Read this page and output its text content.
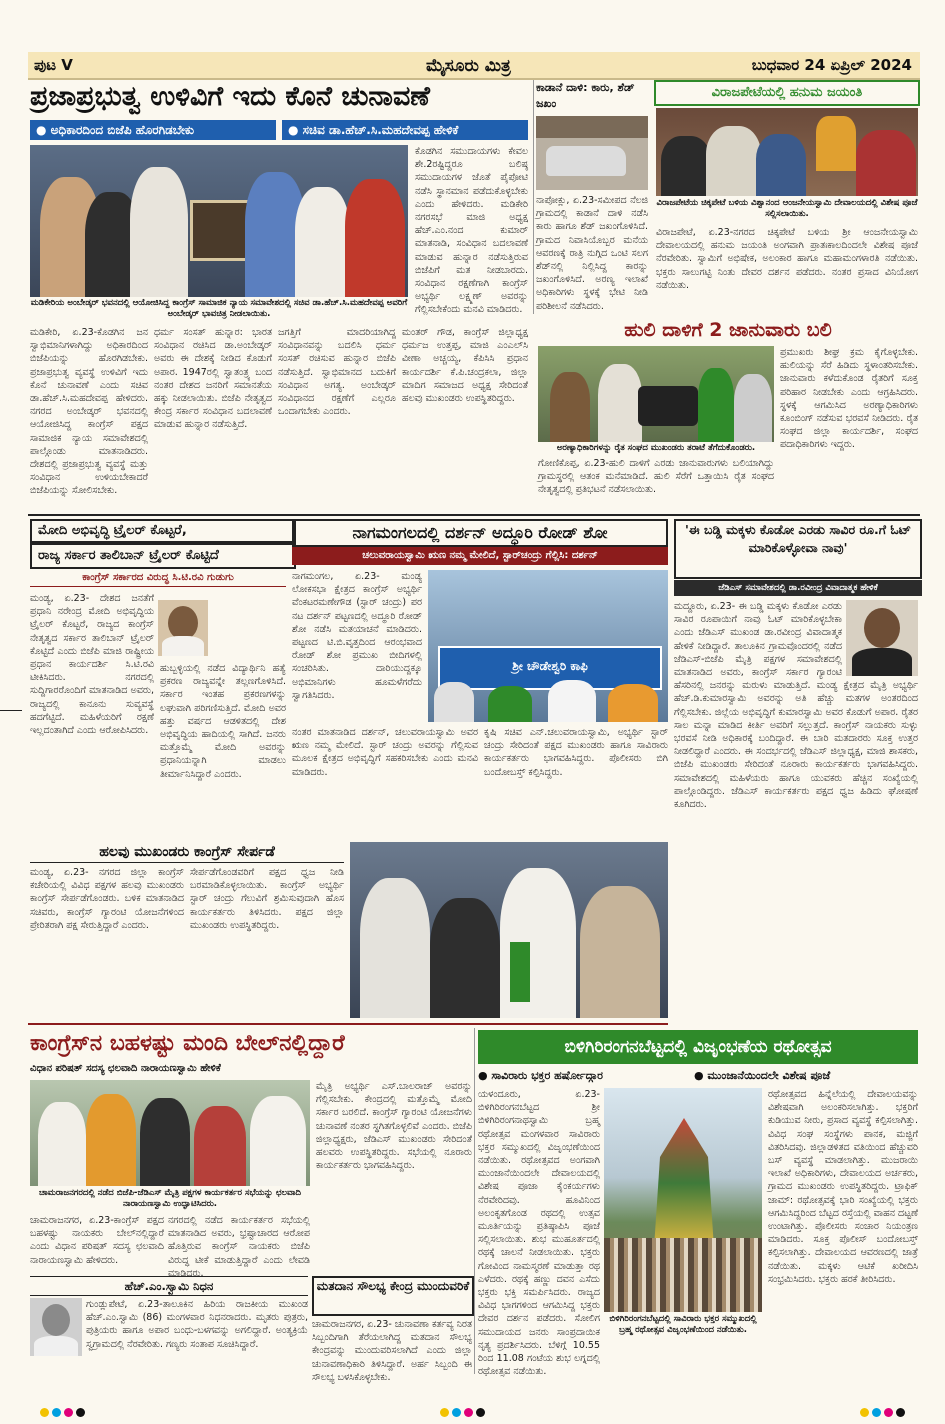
ಪುಟ V	ಮೈಸೂರು ಮಿತ್ರ	ಬುಧವಾರ 24 ಏಪ್ರಿಲ್ 2024
ಪ್ರಜಾಪ್ರಭುತ್ವ ಉಳಿವಿಗೆ ಇದು ಕೊನೆ ಚುನಾವಣೆ
● ಅಧಿಕಾರದಿಂದ ಬಿಜೆಪಿ ಹೊರಗಿಡಬೇಕು	● ಸಚಿವ ಡಾ.ಹೆಚ್.ಸಿ.ಮಹದೇವಪ್ಪ ಹೇಳಿಕೆ
ಮಡಿಕೇರಿಯ ಅಂಬೇಡ್ಕರ್ ಭವನದಲ್ಲಿ ಆಯೋಜಿಸಿದ್ದ ಕಾಂಗ್ರೆಸ್ ಸಾಮಾಜಿಕ ನ್ಯಾಯ ಸಮಾವೇಶದಲ್ಲಿ ಸಚಿವ ಡಾ.ಹೆಚ್.ಸಿ.ಮಹದೇವಪ್ಪ ಅವರಿಗೆ ಅಂಬೇಡ್ಕರ್ ಭಾವಚಿತ್ರ ನೀಡಲಾಯಿತು.
ಕೊಡಗಿನ ಸಮುದಾಯಗಳು ಕೇವಲ ಶೇ.2ರಷ್ಟಿದ್ದರೂ ಬಲಿಷ್ಠ ಸಮುದಾಯಗಳ ಜೊತೆ ಪೈಪೋಟಿ ನಡೆಸಿ ಸ್ಥಾನಮಾನ ಪಡೆದುಕೊಳ್ಳಬೇಕು ಎಂದು ಹೇಳಿದರು. ಮಡಿಕೇರಿ ನಗರಸಭೆ ಮಾಜಿ ಅಧ್ಯಕ್ಷ ಹೆಚ್.ಎಂ.ನಂದ ಕುಮಾರ್ ಮಾತನಾಡಿ, ಸಂವಿಧಾನ ಬದಲಾವಣೆ ಮಾಡುವ ಹುನ್ನಾರ ನಡೆಸುತ್ತಿರುವ ಬಿಜೆಪಿಗೆ ಮತ ನೀಡಬಾರದು. ಸಂವಿಧಾನ ರಕ್ಷಣೆಗಾಗಿ ಕಾಂಗ್ರೆಸ್ ಅಭ್ಯರ್ಥಿ ಲಕ್ಷ್ಮಣ್ ಅವರನ್ನು ಗೆಲ್ಲಿಸಬೇಕೆಂದು ಮನವಿ ಮಾಡಿದರು.
ಮಡಿಕೇರಿ, ಏ.23-ಕೊಡಗಿನ ಜನ ಸ್ವಾಭಿಮಾನಿಗಳಾಗಿದ್ದು ಅಧಿಕಾರದಿಂದ ಬಿಜೆಪಿಯನ್ನು ಹೊರಗಿಡಬೇಕು. ಪ್ರಜಾಪ್ರಭುತ್ವ ವ್ಯವಸ್ಥೆ ಉಳಿವಿಗೆ ಇದು ಕೊನೆ ಚುನಾವಣೆ ಎಂದು ಸಚಿವ ಡಾ.ಹೆಚ್.ಸಿ.ಮಹದೇವಪ್ಪ ಹೇಳಿದರು. ನಗರದ ಅಂಬೇಡ್ಕರ್ ಭವನದಲ್ಲಿ ಆಯೋಜಿಸಿದ್ದ ಕಾಂಗ್ರೆಸ್ ಪಕ್ಷದ ಸಾಮಾಜಿಕ ನ್ಯಾಯ ಸಮಾವೇಶದಲ್ಲಿ ಪಾಲ್ಗೊಂಡು ಮಾತನಾಡಿದರು. ದೇಶದಲ್ಲಿ ಪ್ರಜಾಪ್ರಭುತ್ವ ವ್ಯವಸ್ಥೆ ಮತ್ತು ಸಂವಿಧಾನ ಉಳಿಯಬೇಕಾದರೆ ಬಿಜೆಪಿಯನ್ನು ಸೋಲಿಸಬೇಕು.
ಧರ್ಮ ಸಂಸತ್ ಹುನ್ನಾರ: ಭಾರತ ಸಂವಿಧಾನ ರಚಿಸಿದ ಡಾ.ಅಂಬೇಡ್ಕರ್ ಅವರು ಈ ದೇಶಕ್ಕೆ ನೀಡಿದ ಕೊಡುಗೆ ಅಪಾರ. 1947ರಲ್ಲಿ ಸ್ವಾತಂತ್ರ್ಯ ಬಂದ ನಂತರ ದೇಶದ ಜನರಿಗೆ ಸಮಾನತೆಯ ಹಕ್ಕು ನೀಡಲಾಯಿತು. ಬಿಜೆಪಿ ನೇತೃತ್ವದ ಕೇಂದ್ರ ಸರ್ಕಾರ ಸಂವಿಧಾನ ಬದಲಾವಣೆ ಮಾಡುವ ಹುನ್ನಾರ ನಡೆಸುತ್ತಿದೆ.
ಜಗತ್ತಿಗೆ ಮಾದರಿಯಾಗಿದ್ದ ಸಂವಿಧಾನವನ್ನು ಬದಲಿಸಿ ಧರ್ಮ ಸಂಸತ್ ರಚಿಸುವ ಹುನ್ನಾರ ಬಿಜೆಪಿ ನಡೆಸುತ್ತಿದೆ. ಸ್ವಾಭಿಮಾನದ ಬದುಕಿಗೆ ಸಂವಿಧಾನ ಅಗತ್ಯ. ಅಂಬೇಡ್ಕರ್ ಸಂವಿಧಾನದ ರಕ್ಷಣೆಗೆ ಎಲ್ಲರೂ ಒಂದಾಗಬೇಕು ಎಂದರು.
ಮಂತರ್ ಗೌಡ, ಕಾಂಗ್ರೆಸ್ ಜಿಲ್ಲಾಧ್ಯಕ್ಷ ಧರ್ಮಜ ಉತ್ತಪ್ಪ, ಮಾಜಿ ಎಂಎಲ್‌ಸಿ ವೀಣಾ ಅಚ್ಚಯ್ಯ, ಕೆಪಿಸಿಸಿ ಪ್ರಧಾನ ಕಾರ್ಯದರ್ಶಿ ಕೆ.ಪಿ.ಚಂದ್ರಕಲಾ, ಜಿಲ್ಲಾ ಮಾದಿಗ ಸಮಾಜದ ಅಧ್ಯಕ್ಷ ಸೇರಿದಂತೆ ಹಲವು ಮುಖಂಡರು ಉಪಸ್ಥಿತರಿದ್ದರು.
ಕಾಡಾನೆ ದಾಳಿ: ಕಾರು, ಶೆಡ್ ಜಖಂ
ನಾಪೋಕ್ಲು, ಏ.23-ಸಮೀಪದ ನೆಲಜಿ ಗ್ರಾಮದಲ್ಲಿ ಕಾಡಾನೆ ದಾಳಿ ನಡೆಸಿ ಕಾರು ಹಾಗೂ ಶೆಡ್ ಜಖಂಗೊಳಿಸಿದೆ. ಗ್ರಾಮದ ನಿವಾಸಿಯೊಬ್ಬರ ಮನೆಯ ಆವರಣಕ್ಕೆ ರಾತ್ರಿ ನುಗ್ಗಿದ ಒಂಟಿ ಸಲಗ ಶೆಡ್‌ನಲ್ಲಿ ನಿಲ್ಲಿಸಿದ್ದ ಕಾರನ್ನು ಜಖಂಗೊಳಿಸಿದೆ. ಅರಣ್ಯ ಇಲಾಖೆ ಅಧಿಕಾರಿಗಳು ಸ್ಥಳಕ್ಕೆ ಭೇಟಿ ನೀಡಿ ಪರಿಶೀಲನೆ ನಡೆಸಿದರು.
ವಿರಾಜಪೇಟೆಯಲ್ಲಿ ಹನುಮ ಜಯಂತಿ
ವಿರಾಜಪೇಟೆಯ ಚಿಕ್ಕಪೇಟೆ ಬಳಿಯ ವಿಶ್ವಾನಂದ ಆಂಜನೇಯಸ್ವಾಮಿ ದೇವಾಲಯದಲ್ಲಿ ವಿಶೇಷ ಪೂಜೆ ಸಲ್ಲಿಸಲಾಯಿತು.
ವಿರಾಜಪೇಟೆ, ಏ.23-ನಗರದ ಚಿಕ್ಕಪೇಟೆ ಬಳಿಯ ಶ್ರೀ ಆಂಜನೇಯಸ್ವಾಮಿ ದೇವಾಲಯದಲ್ಲಿ ಹನುಮ ಜಯಂತಿ ಅಂಗವಾಗಿ ಪ್ರಾತಃಕಾಲದಿಂದಲೇ ವಿಶೇಷ ಪೂಜೆ ನೆರವೇರಿತು. ಸ್ವಾಮಿಗೆ ಅಭಿಷೇಕ, ಅಲಂಕಾರ ಹಾಗೂ ಮಹಾಮಂಗಳಾರತಿ ನಡೆಯಿತು. ಭಕ್ತರು ಸಾಲುಗಟ್ಟಿ ನಿಂತು ದೇವರ ದರ್ಶನ ಪಡೆದರು. ನಂತರ ಪ್ರಸಾದ ವಿನಿಯೋಗ ನಡೆಯಿತು.
ಹುಲಿ ದಾಳಿಗೆ 2 ಜಾನುವಾರು ಬಲಿ
ಅರಣ್ಯಾಧಿಕಾರಿಗಳನ್ನು ರೈತ ಸಂಘದ ಮುಖಂಡರು ತರಾಟೆ ತೆಗೆದುಕೊಂಡರು.
ಗೋಣಿಕೊಪ್ಪ, ಏ.23-ಹುಲಿ ದಾಳಿಗೆ ಎರಡು ಜಾನುವಾರುಗಳು ಬಲಿಯಾಗಿದ್ದು ಗ್ರಾಮಸ್ಥರಲ್ಲಿ ಆತಂಕ ಮನೆಮಾಡಿದೆ. ಹುಲಿ ಸೆರೆಗೆ ಒತ್ತಾಯಿಸಿ ರೈತ ಸಂಘದ ನೇತೃತ್ವದಲ್ಲಿ ಪ್ರತಿಭಟನೆ ನಡೆಸಲಾಯಿತು.
ಪ್ರಮುಖರು ಶೀಘ್ರ ಕ್ರಮ ಕೈಗೊಳ್ಳಬೇಕು. ಹುಲಿಯನ್ನು ಸೆರೆ ಹಿಡಿದು ಸ್ಥಳಾಂತರಿಸಬೇಕು. ಜಾನುವಾರು ಕಳೆದುಕೊಂಡ ರೈತರಿಗೆ ಸೂಕ್ತ ಪರಿಹಾರ ನೀಡಬೇಕು ಎಂದು ಆಗ್ರಹಿಸಿದರು. ಸ್ಥಳಕ್ಕೆ ಆಗಮಿಸಿದ ಅರಣ್ಯಾಧಿಕಾರಿಗಳು ಕೂಂಬಿಂಗ್ ನಡೆಸುವ ಭರವಸೆ ನೀಡಿದರು. ರೈತ ಸಂಘದ ಜಿಲ್ಲಾ ಕಾರ್ಯದರ್ಶಿ, ಸಂಘದ ಪದಾಧಿಕಾರಿಗಳು ಇದ್ದರು.
ಮೋದಿ ಅಭಿವೃದ್ಧಿ ಟ್ರೈಲರ್ ಕೊಟ್ಟರೆ,
ರಾಜ್ಯ ಸರ್ಕಾರ ತಾಲಿಬಾನ್ ಟ್ರೈಲರ್ ಕೊಟ್ಟಿದೆ
ಕಾಂಗ್ರೆಸ್ ಸರ್ಕಾರದ ವಿರುದ್ಧ ಸಿ.ಟಿ.ರವಿ ಗುಡುಗು
ಮಂಡ್ಯ, ಏ.23- ದೇಶದ ಜನತೆಗೆ ಪ್ರಧಾನಿ ನರೇಂದ್ರ ಮೋದಿ ಅಭಿವೃದ್ಧಿಯ ಟ್ರೈಲರ್ ಕೊಟ್ಟರೆ, ರಾಜ್ಯದ ಕಾಂಗ್ರೆಸ್ ನೇತೃತ್ವದ ಸರ್ಕಾರ ತಾಲಿಬಾನ್ ಟ್ರೈಲರ್ ಕೊಟ್ಟಿದೆ ಎಂದು ಬಿಜೆಪಿ ಮಾಜಿ ರಾಷ್ಟ್ರೀಯ ಪ್ರಧಾನ ಕಾರ್ಯದರ್ಶಿ ಸಿ.ಟಿ.ರವಿ ಟೀಕಿಸಿದರು. ನಗರದಲ್ಲಿ ಸುದ್ದಿಗಾರರೊಂದಿಗೆ ಮಾತನಾಡಿದ ಅವರು, ರಾಜ್ಯದಲ್ಲಿ ಕಾನೂನು ಸುವ್ಯವಸ್ಥೆ ಹದಗೆಟ್ಟಿದೆ. ಮಹಿಳೆಯರಿಗೆ ರಕ್ಷಣೆ ಇಲ್ಲದಂತಾಗಿದೆ ಎಂದು ಆರೋಪಿಸಿದರು.
ಹುಬ್ಬಳ್ಳಿಯಲ್ಲಿ ನಡೆದ ವಿದ್ಯಾರ್ಥಿನಿ ಹತ್ಯೆ ಪ್ರಕರಣ ರಾಜ್ಯವನ್ನೇ ತಲ್ಲಣಗೊಳಿಸಿದೆ. ಸರ್ಕಾರ ಇಂತಹ ಪ್ರಕರಣಗಳನ್ನು ಲಘುವಾಗಿ ಪರಿಗಣಿಸುತ್ತಿದೆ. ಮೋದಿ ಅವರ ಹತ್ತು ವರ್ಷದ ಆಡಳಿತದಲ್ಲಿ ದೇಶ ಅಭಿವೃದ್ಧಿಯ ಹಾದಿಯಲ್ಲಿ ಸಾಗಿದೆ. ಜನರು ಮತ್ತೊಮ್ಮೆ ಮೋದಿ ಅವರನ್ನು ಪ್ರಧಾನಿಯನ್ನಾಗಿ ಮಾಡಲು ತೀರ್ಮಾನಿಸಿದ್ದಾರೆ ಎಂದರು.
ನಾಗಮಂಗಲದಲ್ಲಿ ದರ್ಶನ್ ಅದ್ಧೂರಿ ರೋಡ್ ಶೋ
ಚಲುವರಾಯಸ್ವಾಮಿ ಋಣ ನಮ್ಮ ಮೇಲಿದೆ, ಸ್ಟಾರ್‌ಚಂದ್ರು ಗೆಲ್ಲಿಸಿ: ದರ್ಶನ್
ನಾಗಮಂಗಲ, ಏ.23- ಮಂಡ್ಯ ಲೋಕಸಭಾ ಕ್ಷೇತ್ರದ ಕಾಂಗ್ರೆಸ್ ಅಭ್ಯರ್ಥಿ ವೆಂಕಟರಮಣೇಗೌಡ (ಸ್ಟಾರ್ ಚಂದ್ರು) ಪರ ನಟ ದರ್ಶನ್ ಪಟ್ಟಣದಲ್ಲಿ ಅದ್ಧೂರಿ ರೋಡ್ ಶೋ ನಡೆಸಿ ಮತಯಾಚನೆ ಮಾಡಿದರು. ಪಟ್ಟಣದ ಟಿ.ಬಿ.ವೃತ್ತದಿಂದ ಆರಂಭವಾದ ರೋಡ್ ಶೋ ಪ್ರಮುಖ ಬೀದಿಗಳಲ್ಲಿ ಸಂಚರಿಸಿತು. ದಾರಿಯುದ್ದಕ್ಕೂ ಅಭಿಮಾನಿಗಳು ಹೂಮಳೆಗರೆದು ಸ್ವಾಗತಿಸಿದರು.
ಶ್ರೀ ಚೌಡೇಶ್ವರಿ ಕಾಫಿ
ನಂತರ ಮಾತನಾಡಿದ ದರ್ಶನ್, ಚಲುವರಾಯಸ್ವಾಮಿ ಅವರ ಋಣ ನಮ್ಮ ಮೇಲಿದೆ. ಸ್ಟಾರ್ ಚಂದ್ರು ಅವರನ್ನು ಗೆಲ್ಲಿಸುವ ಮೂಲಕ ಕ್ಷೇತ್ರದ ಅಭಿವೃದ್ಧಿಗೆ ಸಹಕರಿಸಬೇಕು ಎಂದು ಮನವಿ ಮಾಡಿದರು.
ಕೃಷಿ ಸಚಿವ ಎನ್.ಚಲುವರಾಯಸ್ವಾಮಿ, ಅಭ್ಯರ್ಥಿ ಸ್ಟಾರ್ ಚಂದ್ರು ಸೇರಿದಂತೆ ಪಕ್ಷದ ಮುಖಂಡರು ಹಾಗೂ ಸಾವಿರಾರು ಕಾರ್ಯಕರ್ತರು ಭಾಗವಹಿಸಿದ್ದರು. ಪೊಲೀಸರು ಬಿಗಿ ಬಂದೋಬಸ್ತ್ ಕಲ್ಪಿಸಿದ್ದರು.
'ಈ ಬಡ್ಡಿ ಮಕ್ಕಳು ಕೊಡೋ ಎರಡು ಸಾವಿರ ರೂ.ಗೆ ಓಟ್ ಮಾರಿಕೊಳ್ಳೋವಾ ನಾವು'
ಜೆಡಿಎಸ್ ಸಮಾವೇಶದಲ್ಲಿ ಡಾ.ರವೀಂದ್ರ ವಿವಾದಾತ್ಮಕ ಹೇಳಿಕೆ
ಮದ್ದೂರು, ಏ.23- ಈ ಬಡ್ಡಿ ಮಕ್ಕಳು ಕೊಡೋ ಎರಡು ಸಾವಿರ ರೂಪಾಯಿಗೆ ನಾವು ಓಟ್ ಮಾರಿಕೊಳ್ಳಬೇಕಾ ಎಂದು ಜೆಡಿಎಸ್ ಮುಖಂಡ ಡಾ.ರವೀಂದ್ರ ವಿವಾದಾತ್ಮಕ ಹೇಳಿಕೆ ನೀಡಿದ್ದಾರೆ. ತಾಲೂಕಿನ ಗ್ರಾಮವೊಂದರಲ್ಲಿ ನಡೆದ ಜೆಡಿಎಸ್-ಬಿಜೆಪಿ ಮೈತ್ರಿ ಪಕ್ಷಗಳ ಸಮಾವೇಶದಲ್ಲಿ ಮಾತನಾಡಿದ ಅವರು, ಕಾಂಗ್ರೆಸ್ ಸರ್ಕಾರ ಗ್ಯಾರಂಟಿ ಹೆಸರಿನಲ್ಲಿ ಜನರನ್ನು ಮರುಳು ಮಾಡುತ್ತಿದೆ. ಮಂಡ್ಯ ಕ್ಷೇತ್ರದ ಮೈತ್ರಿ ಅಭ್ಯರ್ಥಿ ಹೆಚ್.ಡಿ.ಕುಮಾರಸ್ವಾಮಿ ಅವರನ್ನು ಅತಿ ಹೆಚ್ಚು ಮತಗಳ ಅಂತರದಿಂದ ಗೆಲ್ಲಿಸಬೇಕು. ಜಿಲ್ಲೆಯ ಅಭಿವೃದ್ಧಿಗೆ ಕುಮಾರಸ್ವಾಮಿ ಅವರ ಕೊಡುಗೆ ಅಪಾರ. ರೈತರ ಸಾಲ ಮನ್ನಾ ಮಾಡಿದ ಕೀರ್ತಿ ಅವರಿಗೆ ಸಲ್ಲುತ್ತದೆ. ಕಾಂಗ್ರೆಸ್ ನಾಯಕರು ಸುಳ್ಳು ಭರವಸೆ ನೀಡಿ ಅಧಿಕಾರಕ್ಕೆ ಬಂದಿದ್ದಾರೆ. ಈ ಬಾರಿ ಮತದಾರರು ಸೂಕ್ತ ಉತ್ತರ ನೀಡಲಿದ್ದಾರೆ ಎಂದರು. ಈ ಸಂದರ್ಭದಲ್ಲಿ ಜೆಡಿಎಸ್ ಜಿಲ್ಲಾಧ್ಯಕ್ಷ, ಮಾಜಿ ಶಾಸಕರು, ಬಿಜೆಪಿ ಮುಖಂಡರು ಸೇರಿದಂತೆ ನೂರಾರು ಕಾರ್ಯಕರ್ತರು ಭಾಗವಹಿಸಿದ್ದರು. ಸಮಾವೇಶದಲ್ಲಿ ಮಹಿಳೆಯರು ಹಾಗೂ ಯುವಕರು ಹೆಚ್ಚಿನ ಸಂಖ್ಯೆಯಲ್ಲಿ ಪಾಲ್ಗೊಂಡಿದ್ದರು. ಜೆಡಿಎಸ್ ಕಾರ್ಯಕರ್ತರು ಪಕ್ಷದ ಧ್ವಜ ಹಿಡಿದು ಘೋಷಣೆ ಕೂಗಿದರು.
ಹಲವು ಮುಖಂಡರು ಕಾಂಗ್ರೆಸ್ ಸೇರ್ಪಡೆ
ಮಂಡ್ಯ, ಏ.23- ನಗರದ ಜಿಲ್ಲಾ ಕಾಂಗ್ರೆಸ್ ಕಚೇರಿಯಲ್ಲಿ ವಿವಿಧ ಪಕ್ಷಗಳ ಹಲವು ಮುಖಂಡರು ಕಾಂಗ್ರೆಸ್ ಸೇರ್ಪಡೆಗೊಂಡರು. ಬಳಿಕ ಮಾತನಾಡಿದ ಸಚಿವರು, ಕಾಂಗ್ರೆಸ್ ಗ್ಯಾರಂಟಿ ಯೋಜನೆಗಳಿಂದ ಪ್ರೇರಿತರಾಗಿ ಪಕ್ಷ ಸೇರುತ್ತಿದ್ದಾರೆ ಎಂದರು.
ಸೇರ್ಪಡೆಗೊಂಡವರಿಗೆ ಪಕ್ಷದ ಧ್ವಜ ನೀಡಿ ಬರಮಾಡಿಕೊಳ್ಳಲಾಯಿತು. ಕಾಂಗ್ರೆಸ್ ಅಭ್ಯರ್ಥಿ ಸ್ಟಾರ್ ಚಂದ್ರು ಗೆಲುವಿಗೆ ಶ್ರಮಿಸುವುದಾಗಿ ಹೊಸ ಕಾರ್ಯಕರ್ತರು ತಿಳಿಸಿದರು. ಪಕ್ಷದ ಜಿಲ್ಲಾ ಮುಖಂಡರು ಉಪಸ್ಥಿತರಿದ್ದರು.
ಕಾಂಗ್ರೆಸ್‌ನ ಬಹಳಷ್ಟು ಮಂದಿ ಬೇಲ್‌ನಲ್ಲಿದ್ದಾರೆ
ವಿಧಾನ ಪರಿಷತ್ ಸದಸ್ಯ ಛಲವಾದಿ ನಾರಾಯಣಸ್ವಾಮಿ ಹೇಳಿಕೆ
ಚಾಮರಾಜನಗರದಲ್ಲಿ ನಡೆದ ಬಿಜೆಪಿ-ಜೆಡಿಎಸ್ ಮೈತ್ರಿ ಪಕ್ಷಗಳ ಕಾರ್ಯಕರ್ತರ ಸಭೆಯನ್ನು ಛಲವಾದಿ ನಾರಾಯಣಸ್ವಾಮಿ ಉದ್ಘಾಟಿಸಿದರು.
ಚಾಮರಾಜನಗರ, ಏ.23-ಕಾಂಗ್ರೆಸ್ ಪಕ್ಷದ ಬಹಳಷ್ಟು ನಾಯಕರು ಬೇಲ್‌ನಲ್ಲಿದ್ದಾರೆ ಎಂದು ವಿಧಾನ ಪರಿಷತ್ ಸದಸ್ಯ ಛಲವಾದಿ ನಾರಾಯಣಸ್ವಾಮಿ ಹೇಳಿದರು.
ನಗರದಲ್ಲಿ ನಡೆದ ಕಾರ್ಯಕರ್ತರ ಸಭೆಯಲ್ಲಿ ಮಾತನಾಡಿದ ಅವರು, ಭ್ರಷ್ಟಾಚಾರದ ಆರೋಪ ಹೊತ್ತಿರುವ ಕಾಂಗ್ರೆಸ್ ನಾಯಕರು ಬಿಜೆಪಿ ವಿರುದ್ಧ ಟೀಕೆ ಮಾಡುತ್ತಿದ್ದಾರೆ ಎಂದು ಲೇವಡಿ ಮಾಡಿದರು.
ಮೈತ್ರಿ ಅಭ್ಯರ್ಥಿ ಎಸ್.ಬಾಲರಾಜ್ ಅವರನ್ನು ಗೆಲ್ಲಿಸಬೇಕು. ಕೇಂದ್ರದಲ್ಲಿ ಮತ್ತೊಮ್ಮೆ ಮೋದಿ ಸರ್ಕಾರ ಬರಲಿದೆ. ಕಾಂಗ್ರೆಸ್ ಗ್ಯಾರಂಟಿ ಯೋಜನೆಗಳು ಚುನಾವಣೆ ನಂತರ ಸ್ಥಗಿತಗೊಳ್ಳಲಿವೆ ಎಂದರು. ಬಿಜೆಪಿ ಜಿಲ್ಲಾಧ್ಯಕ್ಷರು, ಜೆಡಿಎಸ್ ಮುಖಂಡರು ಸೇರಿದಂತೆ ಹಲವರು ಉಪಸ್ಥಿತರಿದ್ದರು. ಸಭೆಯಲ್ಲಿ ನೂರಾರು ಕಾರ್ಯಕರ್ತರು ಭಾಗವಹಿಸಿದ್ದರು.
ಮತದಾನ ಸೌಲಭ್ಯ ಕೇಂದ್ರ ಮುಂದುವರಿಕೆ
ಚಾಮರಾಜನಗರ, ಏ.23- ಚುನಾವಣಾ ಕರ್ತವ್ಯ ನಿರತ ಸಿಬ್ಬಂದಿಗಾಗಿ ತೆರೆಯಲಾಗಿದ್ದ ಮತದಾನ ಸೌಲಭ್ಯ ಕೇಂದ್ರವನ್ನು ಮುಂದುವರಿಸಲಾಗಿದೆ ಎಂದು ಜಿಲ್ಲಾ ಚುನಾವಣಾಧಿಕಾರಿ ತಿಳಿಸಿದ್ದಾರೆ. ಅರ್ಹ ಸಿಬ್ಬಂದಿ ಈ ಸೌಲಭ್ಯ ಬಳಸಿಕೊಳ್ಳಬೇಕು.
ಹೆಚ್.ಎಂ.ಸ್ವಾಮಿ ನಿಧನ
ಗುಂಡ್ಲುಪೇಟೆ, ಏ.23-ತಾಲೂಕಿನ ಹಿರಿಯ ರಾಜಕೀಯ ಮುಖಂಡ ಹೆಚ್.ಎಂ.ಸ್ವಾಮಿ (86) ಮಂಗಳವಾರ ನಿಧನರಾದರು. ಮೃತರು ಪುತ್ರರು, ಪುತ್ರಿಯರು ಹಾಗೂ ಅಪಾರ ಬಂಧು-ಬಳಗವನ್ನು ಅಗಲಿದ್ದಾರೆ. ಅಂತ್ಯಕ್ರಿಯೆ ಸ್ವಗ್ರಾಮದಲ್ಲಿ ನೆರವೇರಿತು. ಗಣ್ಯರು ಸಂತಾಪ ಸೂಚಿಸಿದ್ದಾರೆ.
ಬಿಳಿಗಿರಿರಂಗನಬೆಟ್ಟದಲ್ಲಿ ವಿಜೃಂಭಣೆಯ ರಥೋತ್ಸವ
● ಸಾವಿರಾರು ಭಕ್ತರ ಹರ್ಷೋದ್ಗಾರ	● ಮುಂಜಾನೆಯಿಂದಲೇ ವಿಶೇಷ ಪೂಜೆ
ಯಳಂದೂರು, ಏ.23-ಬಿಳಿಗಿರಿರಂಗನಬೆಟ್ಟದ ಶ್ರೀ ಬಿಳಿಗಿರಿರಂಗನಾಥಸ್ವಾಮಿ ಬ್ರಹ್ಮ ರಥೋತ್ಸವ ಮಂಗಳವಾರ ಸಾವಿರಾರು ಭಕ್ತರ ಸಮ್ಮುಖದಲ್ಲಿ ವಿಜೃಂಭಣೆಯಿಂದ ನಡೆಯಿತು. ರಥೋತ್ಸವದ ಅಂಗವಾಗಿ ಮುಂಜಾನೆಯಿಂದಲೇ ದೇವಾಲಯದಲ್ಲಿ ವಿಶೇಷ ಪೂಜಾ ಕೈಂಕರ್ಯಗಳು ನೆರವೇರಿದವು. ಹೂವಿನಿಂದ ಅಲಂಕೃತಗೊಂಡ ರಥದಲ್ಲಿ ಉತ್ಸವ ಮೂರ್ತಿಯನ್ನು ಪ್ರತಿಷ್ಠಾಪಿಸಿ ಪೂಜೆ ಸಲ್ಲಿಸಲಾಯಿತು. ಶುಭ ಮುಹೂರ್ತದಲ್ಲಿ ರಥಕ್ಕೆ ಚಾಲನೆ ನೀಡಲಾಯಿತು. ಭಕ್ತರು ಗೋವಿಂದ ನಾಮಸ್ಮರಣೆ ಮಾಡುತ್ತಾ ರಥ ಎಳೆದರು. ರಥಕ್ಕೆ ಹಣ್ಣು ದವನ ಎಸೆದು ಭಕ್ತರು ಭಕ್ತಿ ಸಮರ್ಪಿಸಿದರು. ರಾಜ್ಯದ ವಿವಿಧ ಭಾಗಗಳಿಂದ ಆಗಮಿಸಿದ್ದ ಭಕ್ತರು ದೇವರ ದರ್ಶನ ಪಡೆದರು. ಸೋಲಿಗ ಸಮುದಾಯದ ಜನರು ಸಾಂಪ್ರದಾಯಿಕ ನೃತ್ಯ ಪ್ರದರ್ಶಿಸಿದರು. ಬೆಳಿಗ್ಗೆ 10.55 ರಿಂದ 11.08 ಗಂಟೆಯ ಶುಭ ಲಗ್ನದಲ್ಲಿ ರಥೋತ್ಸವ ನಡೆಯಿತು.
ಬಿಳಿಗಿರಿರಂಗನಬೆಟ್ಟದಲ್ಲಿ ಸಾವಿರಾರು ಭಕ್ತರ ಸಮ್ಮುಖದಲ್ಲಿ ಬ್ರಹ್ಮ ರಥೋತ್ಸವ ವಿಜೃಂಭಣೆಯಿಂದ ನಡೆಯಿತು.
ರಥೋತ್ಸವದ ಹಿನ್ನೆಲೆಯಲ್ಲಿ ದೇವಾಲಯವನ್ನು ವಿಶೇಷವಾಗಿ ಅಲಂಕರಿಸಲಾಗಿತ್ತು. ಭಕ್ತರಿಗೆ ಕುಡಿಯುವ ನೀರು, ಪ್ರಸಾದ ವ್ಯವಸ್ಥೆ ಕಲ್ಪಿಸಲಾಗಿತ್ತು. ವಿವಿಧ ಸಂಘ ಸಂಸ್ಥೆಗಳು ಪಾನಕ, ಮಜ್ಜಿಗೆ ವಿತರಿಸಿದವು. ಜಿಲ್ಲಾಡಳಿತದ ವತಿಯಿಂದ ಹೆಚ್ಚುವರಿ ಬಸ್ ವ್ಯವಸ್ಥೆ ಮಾಡಲಾಗಿತ್ತು. ಮುಜರಾಯಿ ಇಲಾಖೆ ಅಧಿಕಾರಿಗಳು, ದೇವಾಲಯದ ಅರ್ಚಕರು, ಗ್ರಾಮದ ಮುಖಂಡರು ಉಪಸ್ಥಿತರಿದ್ದರು. ಟ್ರಾಫಿಕ್ ಜಾಮ್: ರಥೋತ್ಸವಕ್ಕೆ ಭಾರಿ ಸಂಖ್ಯೆಯಲ್ಲಿ ಭಕ್ತರು ಆಗಮಿಸಿದ್ದರಿಂದ ಬೆಟ್ಟದ ರಸ್ತೆಯಲ್ಲಿ ವಾಹನ ದಟ್ಟಣೆ ಉಂಟಾಗಿತ್ತು. ಪೊಲೀಸರು ಸಂಚಾರ ನಿಯಂತ್ರಣ ಮಾಡಿದರು. ಸೂಕ್ತ ಪೊಲೀಸ್ ಬಂದೋಬಸ್ತ್ ಕಲ್ಪಿಸಲಾಗಿತ್ತು. ದೇವಾಲಯದ ಆವರಣದಲ್ಲಿ ಜಾತ್ರೆ ನಡೆಯಿತು. ಮಕ್ಕಳು ಆಟಿಕೆ ಖರೀದಿಸಿ ಸಂಭ್ರಮಿಸಿದರು. ಭಕ್ತರು ಹರಕೆ ತೀರಿಸಿದರು.
